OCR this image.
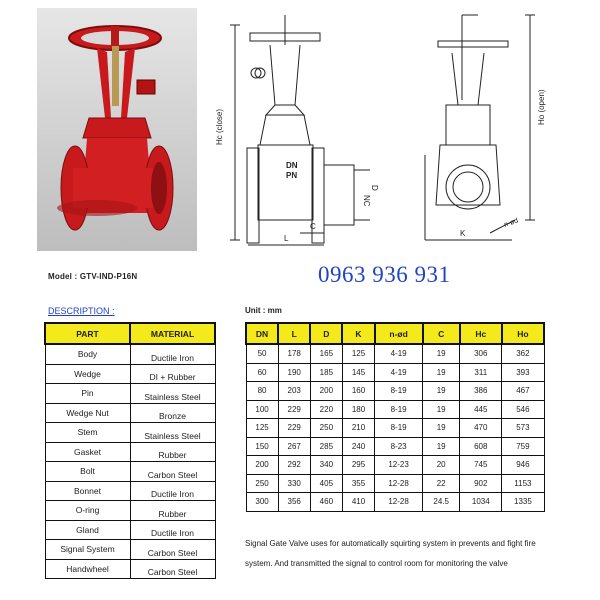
Hc (close)
DN
PN
NC
D
C
L
K
n-ød
Ho (open)
Model : GTV-IND-P16N	0963 936 931
DESCRIPTION :	Unit : mm
PART	MATERIAL
Body	Ductile Iron
Wedge	DI + Rubber
Pin	Stainless Steel
Wedge Nut	Bronze
Stem	Stainless Steel
Gasket	Rubber
Bolt	Carbon Steel
Bonnet	Ductile Iron
O-ring	Rubber
Gland	Ductile Iron
Signal System	Carbon Steel
Handwheel	Carbon Steel
DN	L	D	K	n-ød	C	Hc	Ho
50	178	165	125	4-19	19	306	362
60	190	185	145	4-19	19	311	393
80	203	200	160	8-19	19	386	467
100	229	220	180	8-19	19	445	546
125	229	250	210	8-19	19	470	573
150	267	285	240	8-23	19	608	759
200	292	340	295	12-23	20	745	946
250	330	405	355	12-28	22	902	1153
300	356	460	410	12-28	24.5	1034	1335
Signal Gate Valve uses for automatically squirting system in prevents and fight fire system. And transmitted the signal to control room for monitoring the valve
